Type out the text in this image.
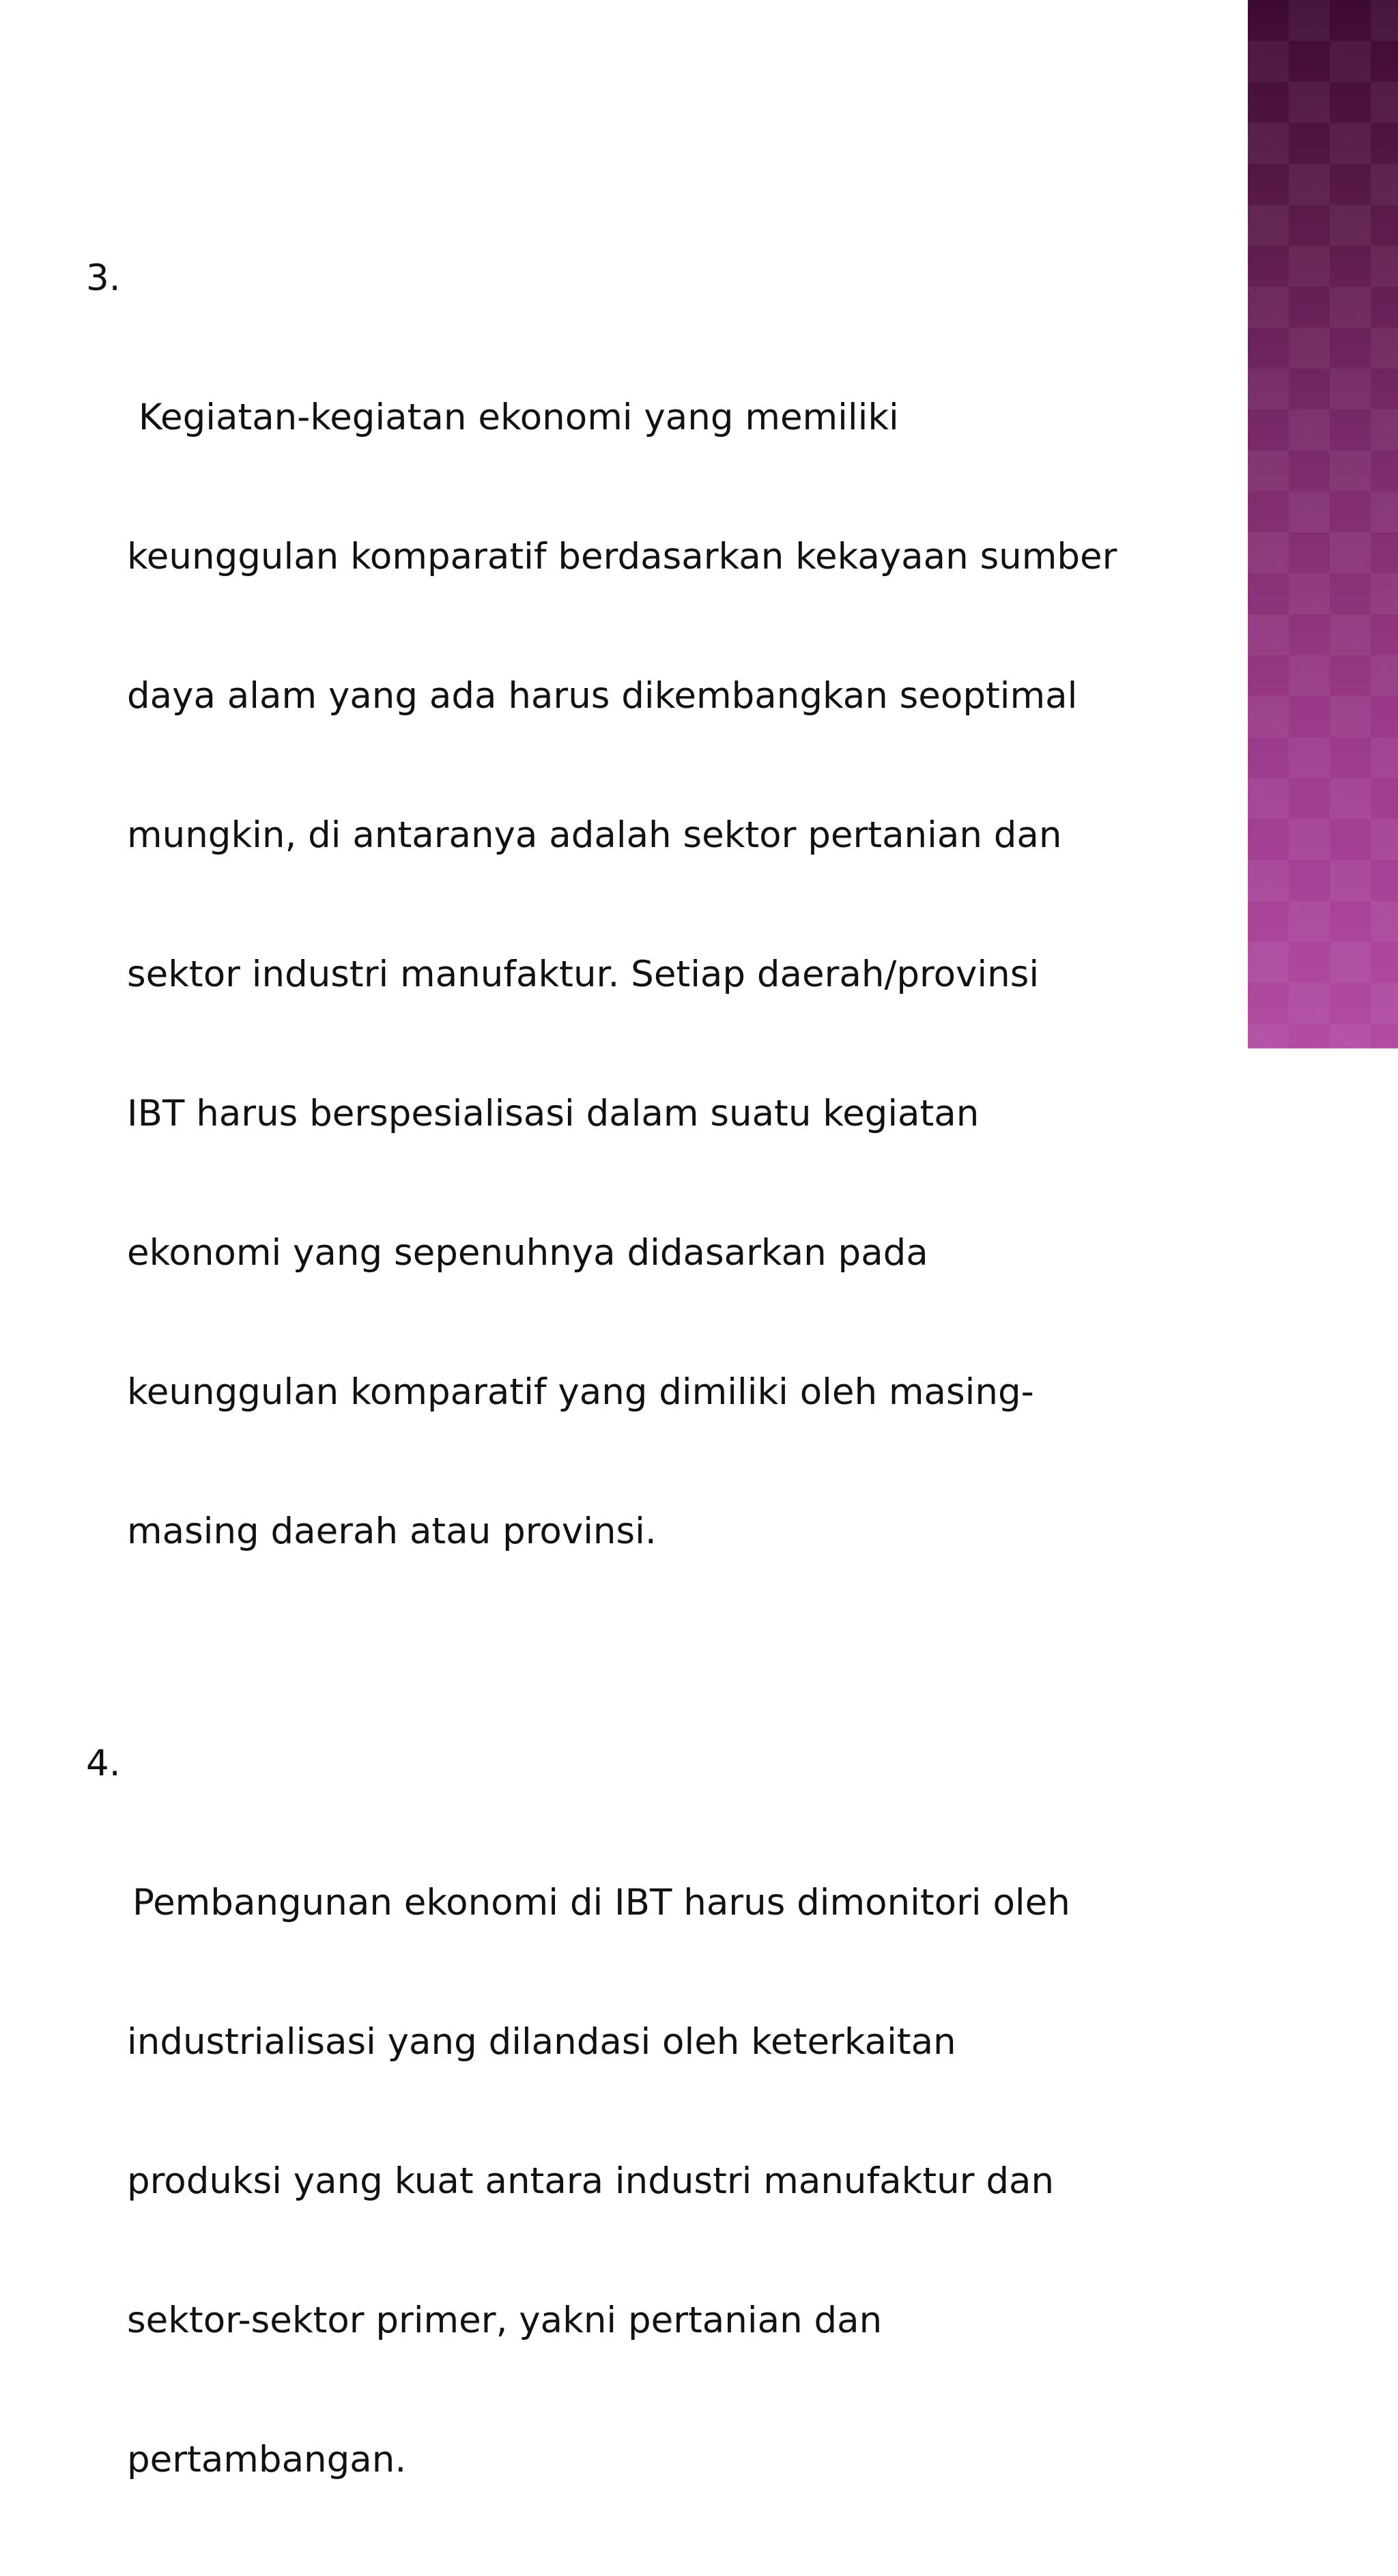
3.

Kegiatan-kegiatan ekonomi yang memiliki

keunggulan komparatif berdasarkan kekayaan sumber

daya alam yang ada harus dikembangkan seoptimal

mungkin, di antaranya adalah sektor pertanian dan

sektor industri manufaktur. Setiap daerah/provinsi

IBT harus berspesialisasi dalam suatu kegiatan

ekonomi yang sepenuhnya didasarkan pada

keunggulan komparatif yang dimiliki oleh masing-

masing daerah atau provinsi.

4.

Pembangunan ekonomi di IBT harus dimonitori oleh

industrialisasi yang dilandasi oleh keterkaitan

produksi yang kuat antara industri manufaktur dan

sektor-sektor primer, yakni pertanian dan

pertambangan.
